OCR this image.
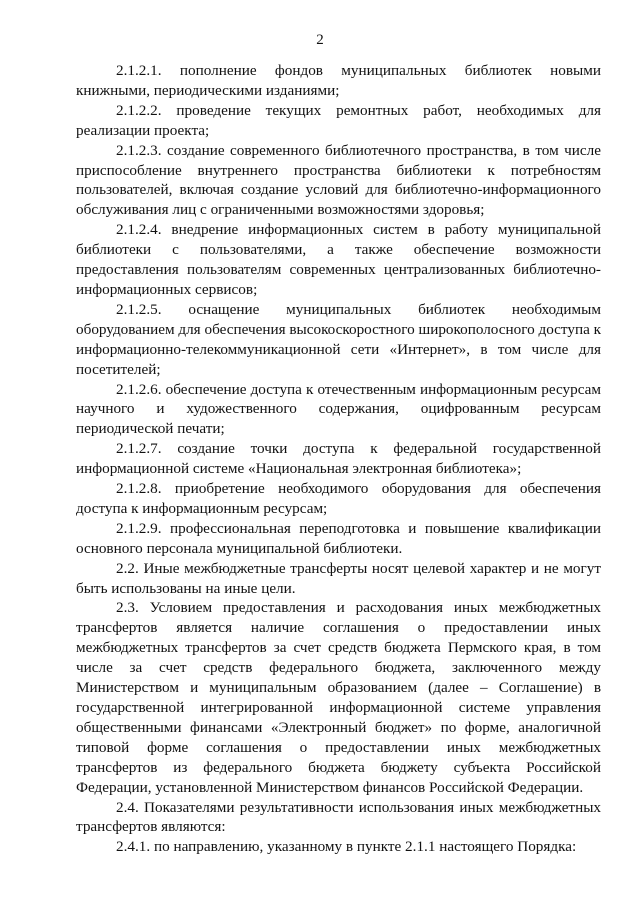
2

2.1.2.1. пополнение фондов муниципальных библиотек новыми книжными, периодическими изданиями;

2.1.2.2. проведение текущих ремонтных работ, необходимых для реализации проекта;

2.1.2.3. создание современного библиотечного пространства, в том числе приспособление внутреннего пространства библиотеки к потребностям пользователей, включая создание условий для библиотечно-информационного обслуживания лиц с ограниченными возможностями здоровья;

2.1.2.4. внедрение информационных систем в работу муниципальной библиотеки с пользователями, а также обеспечение возможности предоставления пользователям современных централизованных библиотечно-информационных сервисов;

2.1.2.5. оснащение муниципальных библиотек необходимым оборудованием для обеспечения высокоскоростного широкополосного доступа к информационно-телекоммуникационной сети «Интернет», в том числе для посетителей;

2.1.2.6. обеспечение доступа к отечественным информационным ресурсам научного и художественного содержания, оцифрованным ресурсам периодической печати;

2.1.2.7. создание точки доступа к федеральной государственной информационной системе «Национальная электронная библиотека»;

2.1.2.8. приобретение необходимого оборудования для обеспечения доступа к информационным ресурсам;

2.1.2.9. профессиональная переподготовка и повышение квалификации основного персонала муниципальной библиотеки.

2.2. Иные межбюджетные трансферты носят целевой характер и не могут быть использованы на иные цели.

2.3. Условием предоставления и расходования иных межбюджетных трансфертов является наличие соглашения о предоставлении иных межбюджетных трансфертов за счет средств бюджета Пермского края, в том числе за счет средств федерального бюджета, заключенного между Министерством и муниципальным образованием (далее – Соглашение) в государственной интегрированной информационной системе управления общественными финансами «Электронный бюджет» по форме, аналогичной типовой форме соглашения о предоставлении иных межбюджетных трансфертов из федерального бюджета бюджету субъекта Российской Федерации, установленной Министерством финансов Российской Федерации.

2.4. Показателями результативности использования иных межбюджетных трансфертов являются:

2.4.1. по направлению, указанному в пункте 2.1.1 настоящего Порядка:
